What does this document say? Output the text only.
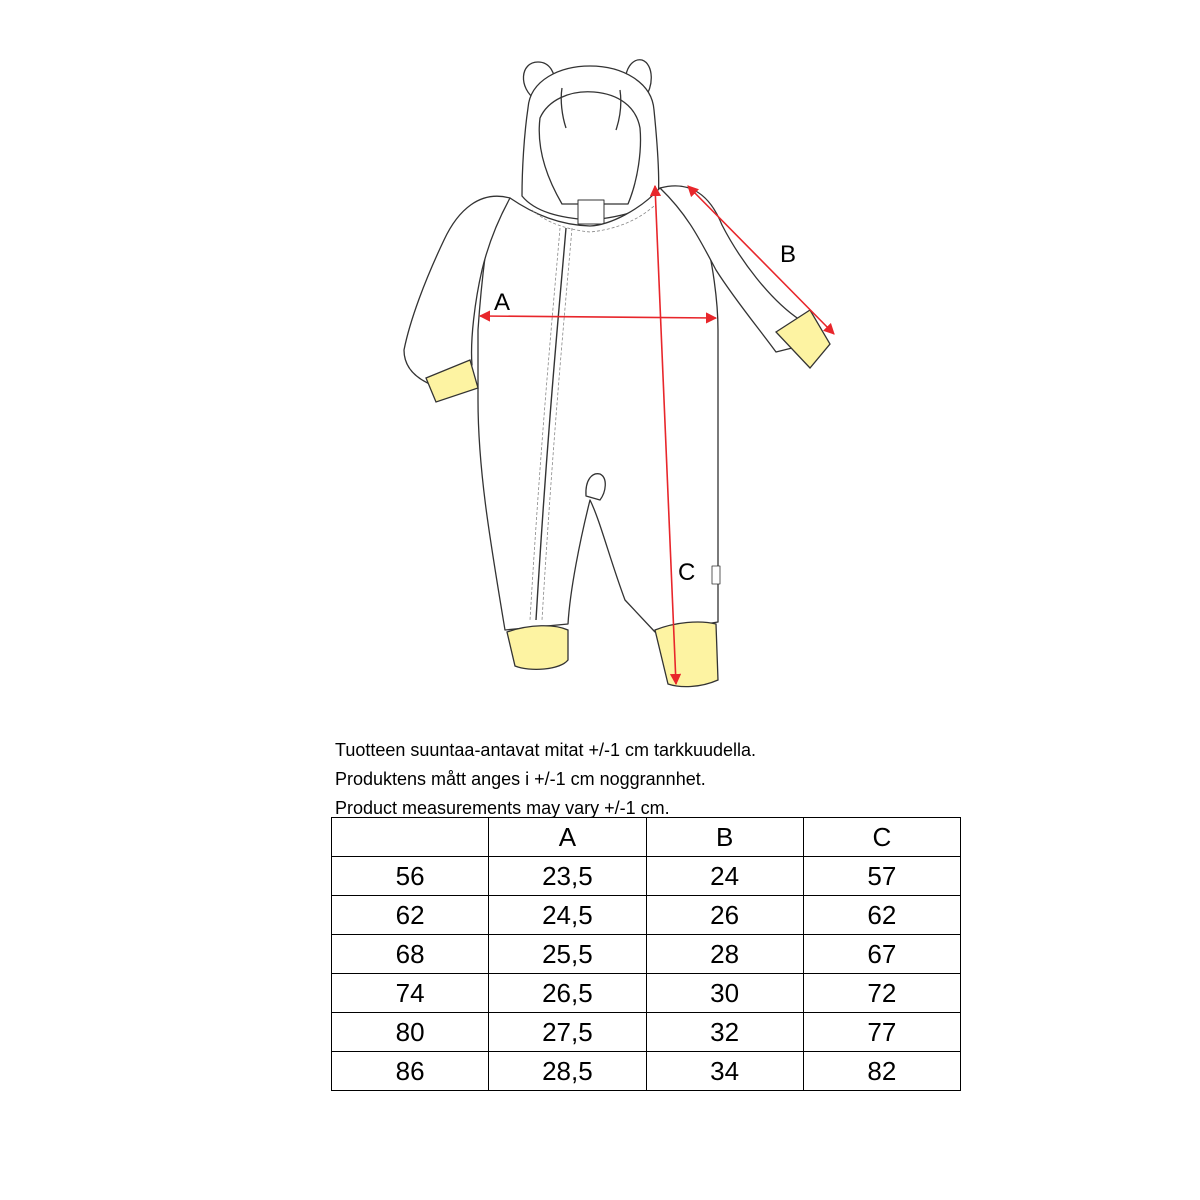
A
B
C
Tuotteen suuntaa-antavat mitat +/-1 cm tarkkuudella.
Produktens mått anges i +/-1 cm noggrannhet.
Product measurements may vary +/-1 cm.
	A	B	C
56	23,5	24	57
62	24,5	26	62
68	25,5	28	67
74	26,5	30	72
80	27,5	32	77
86	28,5	34	82
